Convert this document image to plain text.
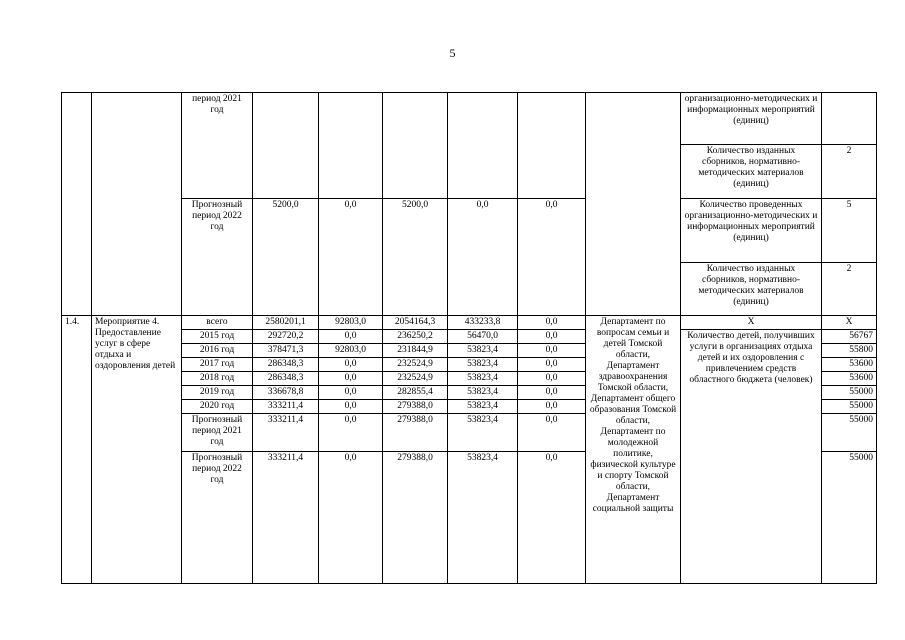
5
		период 2021 год							организационно-методических и информационных мероприятий (единиц)	
									Количество изданных сборников, нормативно-методических материалов (единиц)	2
		Прогнозный период 2022 год	5200,0	0,0	5200,0	0,0	0,0		Количество проведенных организационно-методических и информационных мероприятий (единиц)	5
									Количество изданных сборников, нормативно-методических материалов (единиц)	2
1.4.	Мероприятие 4. Предоставление услуг в сфере отдыха и оздоровления детей	всего	2580201,1	92803,0	2054164,3	433233,8	0,0	Департамент по вопросам семьи и детей Томской области, Департамент здравоохранения Томской области, Департамент общего образования Томской области, Департамент по молодежной политике, физической культуре и спорту Томской области, Департамент социальной защиты	X	X
		2015 год	292720,2	0,0	236250,2	56470,0	0,0		Количество детей, получивших услуги в организациях отдыха детей и их оздоровления с привлечением средств областного бюджета (человек)	56767
		2016 год	378471,3	92803,0	231844,9	53823,4	0,0			55800
		2017 год	286348,3	0,0	232524,9	53823,4	0,0			53600
		2018 год	286348,3	0,0	232524,9	53823,4	0,0			53600
		2019 год	336678,8	0,0	282855,4	53823,4	0,0			55000
		2020 год	333211,4	0,0	279388,0	53823,4	0,0			55000
		Прогнозный период 2021 год	333211,4	0,0	279388,0	53823,4	0,0			55000
		Прогнозный период 2022 год	333211,4	0,0	279388,0	53823,4	0,0			55000
